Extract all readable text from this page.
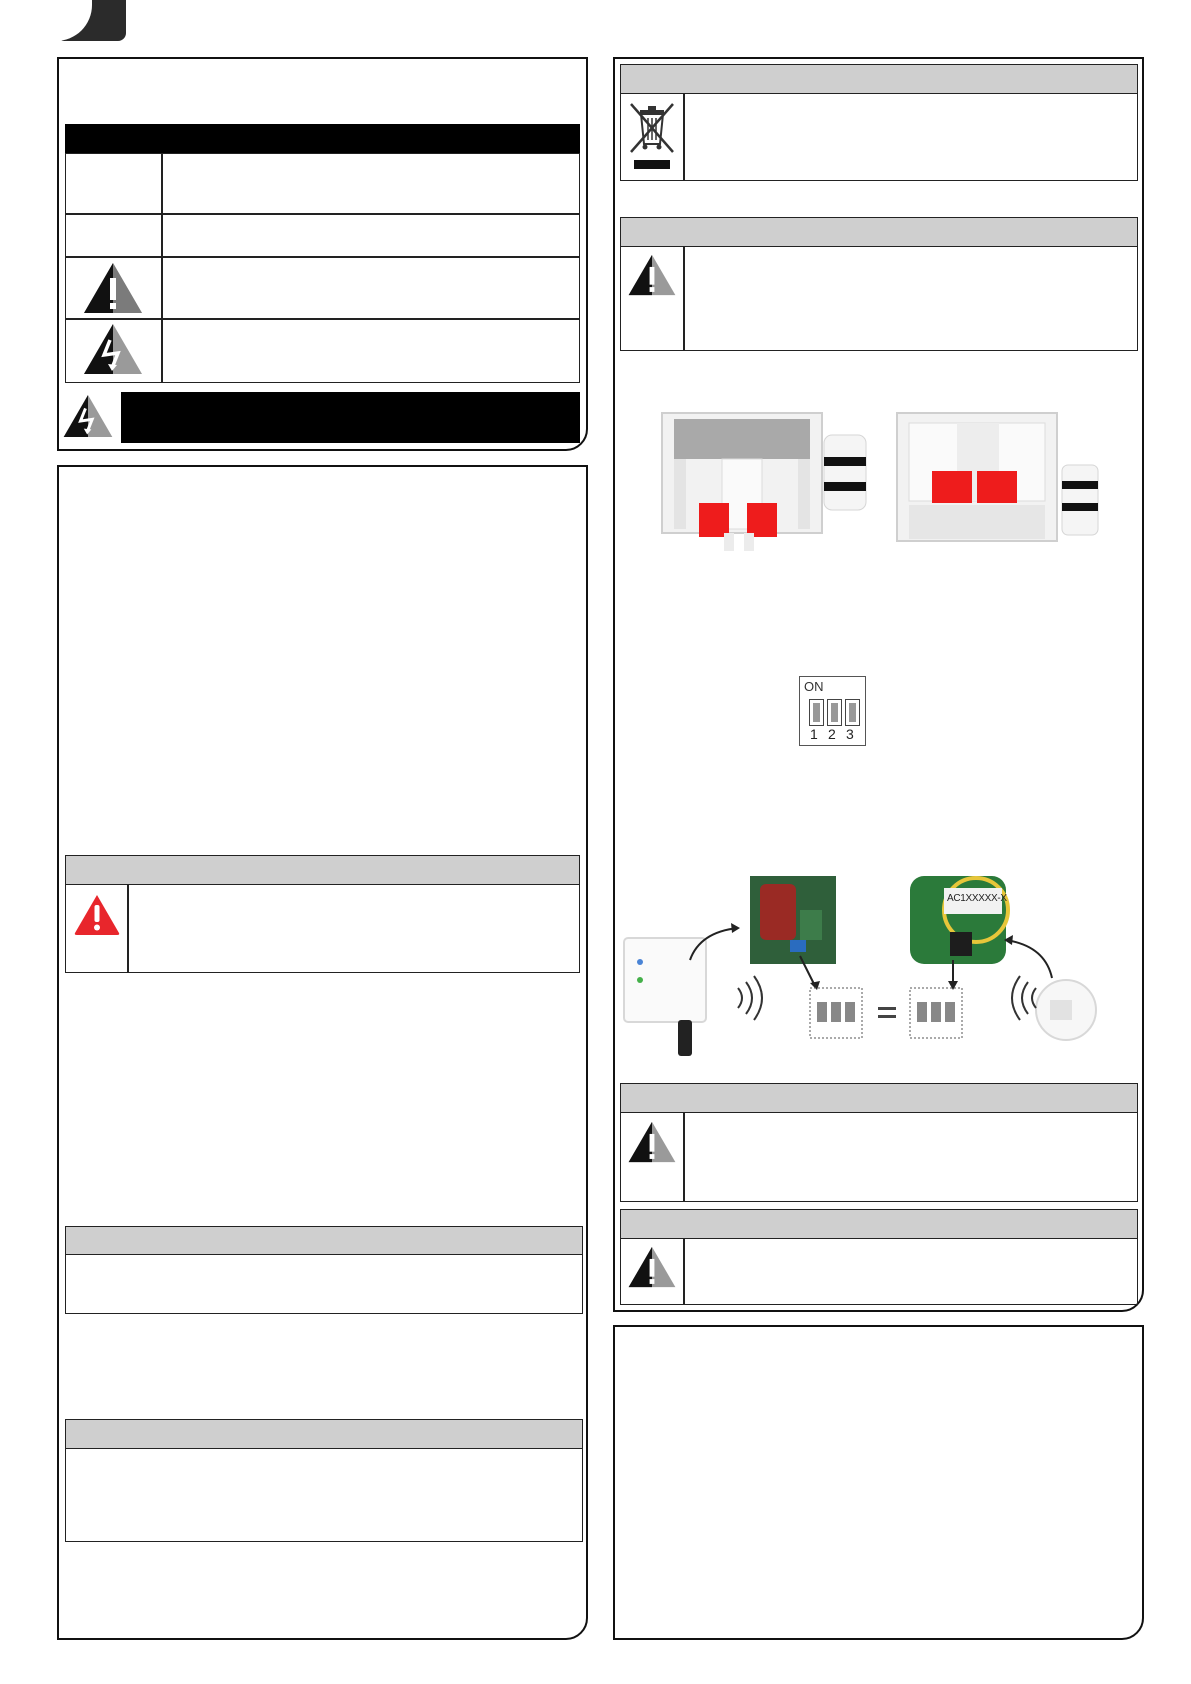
ON
1 2 3
AC1XXXXX-X
